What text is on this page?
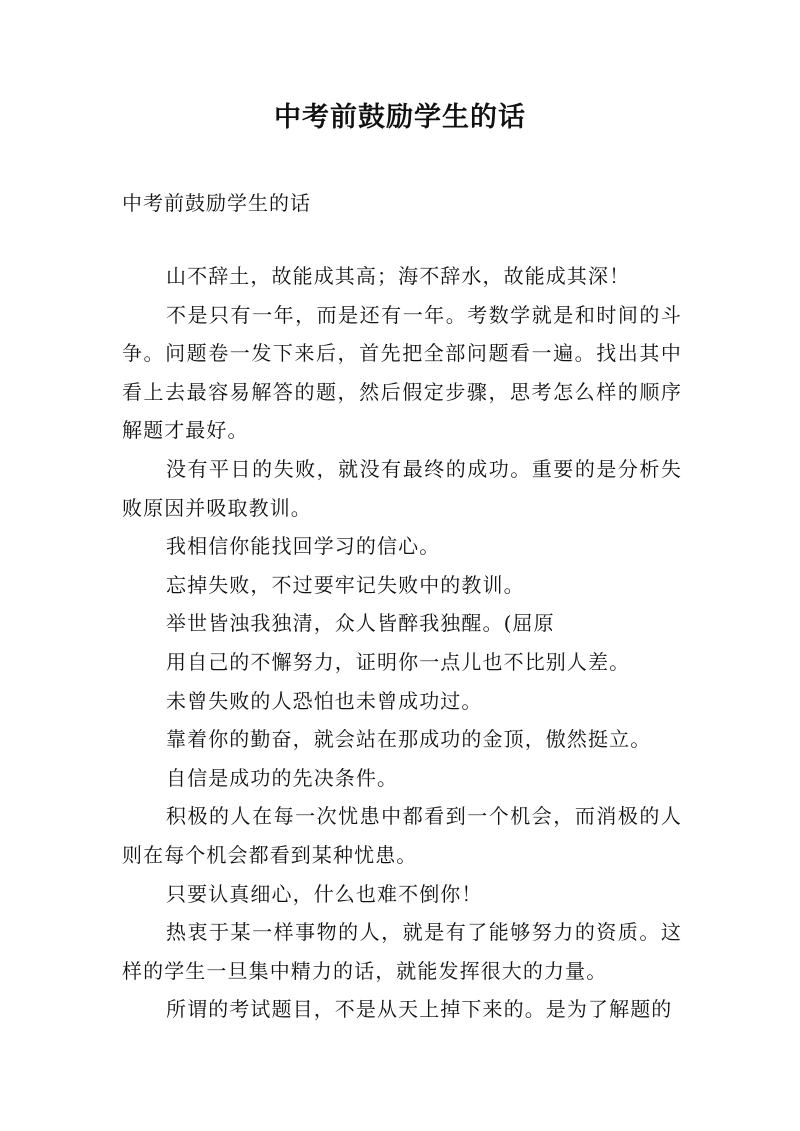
中考前鼓励学生的话

中考前鼓励学生的话

山不辞土，故能成其高；海不辞水，故能成其深！

不是只有一年，而是还有一年。考数学就是和时间的斗争。问题卷一发下来后，首先把全部问题看一遍。找出其中看上去最容易解答的题，然后假定步骤，思考怎么样的顺序解题才最好。

没有平日的失败，就没有最终的成功。重要的是分析失败原因并吸取教训。

我相信你能找回学习的信心。

忘掉失败，不过要牢记失败中的教训。

举世皆浊我独清，众人皆醉我独醒。(屈原

用自己的不懈努力，证明你一点儿也不比别人差。

未曾失败的人恐怕也未曾成功过。

靠着你的勤奋，就会站在那成功的金顶，傲然挺立。

自信是成功的先决条件。

积极的人在每一次忧患中都看到一个机会，而消极的人则在每个机会都看到某种忧患。

只要认真细心，什么也难不倒你！

热衷于某一样事物的人，就是有了能够努力的资质。这样的学生一旦集中精力的话，就能发挥很大的力量。

所谓的考试题目，不是从天上掉下来的。是为了解题的
